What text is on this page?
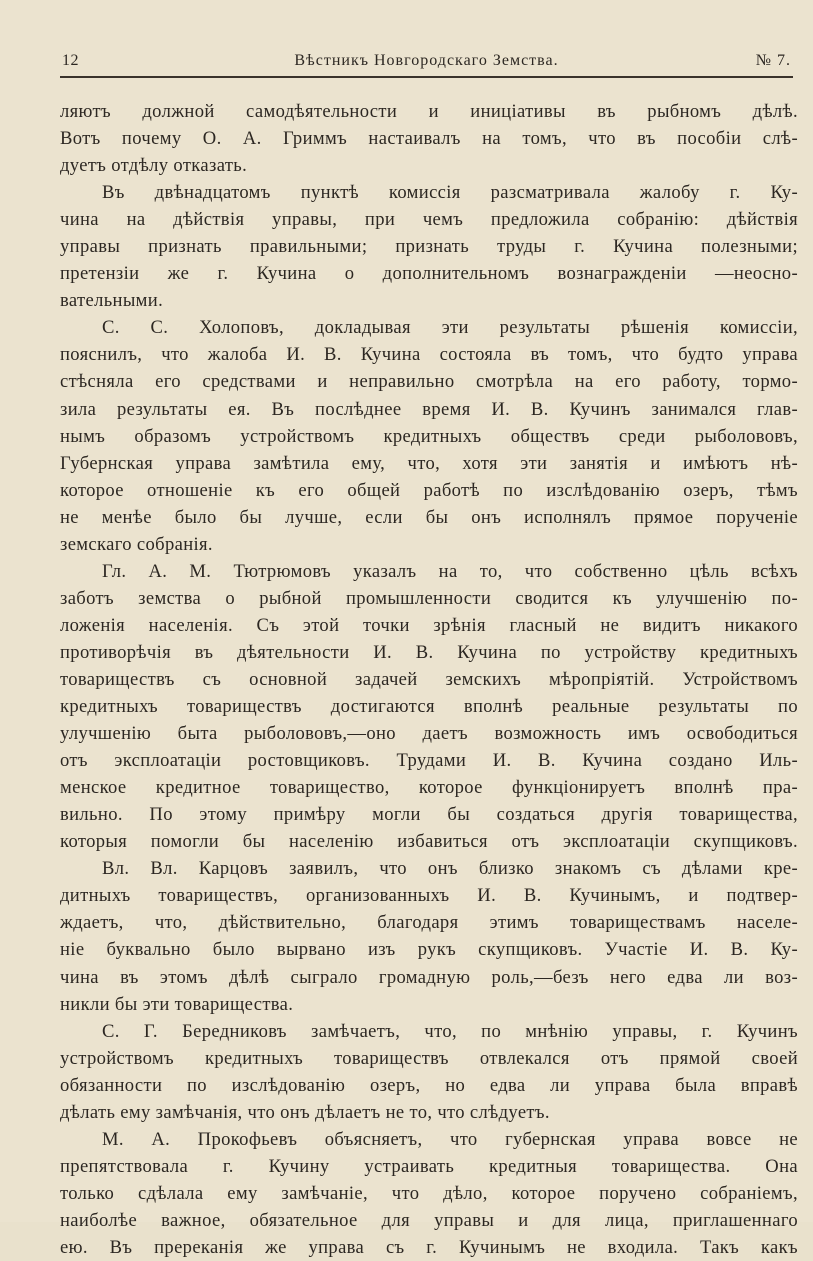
12	Вѣстникъ Новгородскаго Земства.	№ 7.
ляютъ должной самодѣятельности и иниціативы въ рыбномъ дѣлѣ.
Вотъ почему О. А. Гриммъ настаивалъ на томъ, что въ пособіи слѣ-
дуетъ отдѣлу отказать.
Въ двѣнадцатомъ пунктѣ комиссія разсматривала жалобу г. Ку-
чина на дѣйствія управы, при чемъ предложила собранію: дѣйствія
управы признать правильными; признать труды г. Кучина полезными;
претензіи же г. Кучина о дополнительномъ вознагражденіи —неосно-
вательными.
С. С. Холоповъ, докладывая эти результаты рѣшенія комиссіи,
пояснилъ, что жалоба И. В. Кучина состояла въ томъ, что будто управа
стѣсняла его средствами и неправильно смотрѣла на его работу, тормо-
зила результаты ея. Въ послѣднее время И. В. Кучинъ занимался глав-
нымъ образомъ устройствомъ кредитныхъ обществъ среди рыболововъ,
Губернская управа замѣтила ему, что, хотя эти занятія и имѣютъ нѣ-
которое отношеніе къ его общей работѣ по изслѣдованію озеръ, тѣмъ
не менѣе было бы лучше, если бы онъ исполнялъ прямое порученіе
земскаго собранія.
Гл. А. М. Тютрюмовъ указалъ на то, что собственно цѣль всѣхъ
заботъ земства о рыбной промышленности сводится къ улучшенію по-
ложенія населенія. Съ этой точки зрѣнія гласный не видитъ никакого
противорѣчія въ дѣятельности И. В. Кучина по устройству кредитныхъ
товариществъ съ основной задачей земскихъ мѣропріятій. Устройствомъ
кредитныхъ товариществъ достигаются вполнѣ реальные результаты по
улучшенію быта рыболововъ,—оно даетъ возможность имъ освободиться
отъ эксплоатаціи ростовщиковъ. Трудами И. В. Кучина создано Иль-
менское кредитное товарищество, которое функціонируетъ вполнѣ пра-
вильно. По этому примѣру могли бы создаться другія товарищества,
которыя помогли бы населенію избавиться отъ эксплоатаціи скупщиковъ.
Вл. Вл. Карцовъ заявилъ, что онъ близко знакомъ съ дѣлами кре-
дитныхъ товариществъ, организованныхъ И. В. Кучинымъ, и подтвер-
ждаетъ, что, дѣйствительно, благодаря этимъ товариществамъ населе-
ніе буквально было вырвано изъ рукъ скупщиковъ. Участіе И. В. Ку-
чина въ этомъ дѣлѣ сыграло громадную роль,—безъ него едва ли воз-
никли бы эти товарищества.
С. Г. Бередниковъ замѣчаетъ, что, по мнѣнію управы, г. Кучинъ
устройствомъ кредитныхъ товариществъ отвлекался отъ прямой своей
обязанности по изслѣдованію озеръ, но едва ли управа была вправѣ
дѣлать ему замѣчанія, что онъ дѣлаетъ не то, что слѣдуетъ.
М. А. Прокофьевъ объясняетъ, что губернская управа вовсе не
препятствовала г. Кучину устраивать кредитныя товарищества. Она
только сдѣлала ему замѣчаніе, что дѣло, которое поручено собраніемъ,
наиболѣе важное, обязательное для управы и для лица, приглашеннаго
ею. Въ пререканія же управа съ г. Кучинымъ не входила. Такъ какъ
